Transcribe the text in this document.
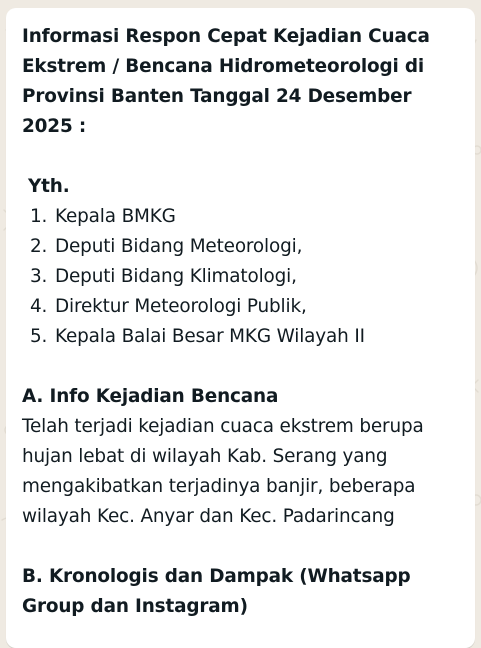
Informasi Respon Cepat Kejadian Cuaca Ekstrem / Bencana Hidrometeorologi di Provinsi Banten Tanggal 24 Desember 2025 :

Yth.
1. Kepala BMKG
2. Deputi Bidang Meteorologi,
3. Deputi Bidang Klimatologi,
4. Direktur Meteorologi Publik,
5. Kepala Balai Besar MKG Wilayah II
A. Info Kejadian Bencana

Telah terjadi kejadian cuaca ekstrem berupa hujan lebat di wilayah Kab. Serang yang mengakibatkan terjadinya banjir, beberapa wilayah Kec. Anyar dan Kec. Padarincang

B. Kronologis dan Dampak (Whatsapp Group dan Instagram)
